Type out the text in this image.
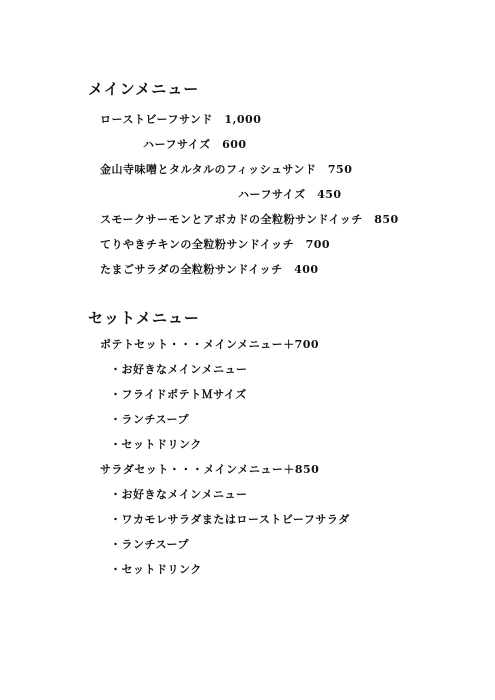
メインメニュー
ローストビーフサンド　1,000
ハーフサイズ　600
金山寺味噌とタルタルのフィッシュサンド　750
ハーフサイズ　450
スモークサーモンとアボカドの全粒粉サンドイッチ　850
てりやきチキンの全粒粉サンドイッチ　700
たまごサラダの全粒粉サンドイッチ　400
セットメニュー
ポテトセット・・・メインメニュー＋700
・お好きなメインメニュー
・フライドポテトＭサイズ
・ランチスープ
・セットドリンク
サラダセット・・・メインメニュー＋850
・お好きなメインメニュー
・ワカモレサラダまたはローストビーフサラダ
・ランチスープ
・セットドリンク
